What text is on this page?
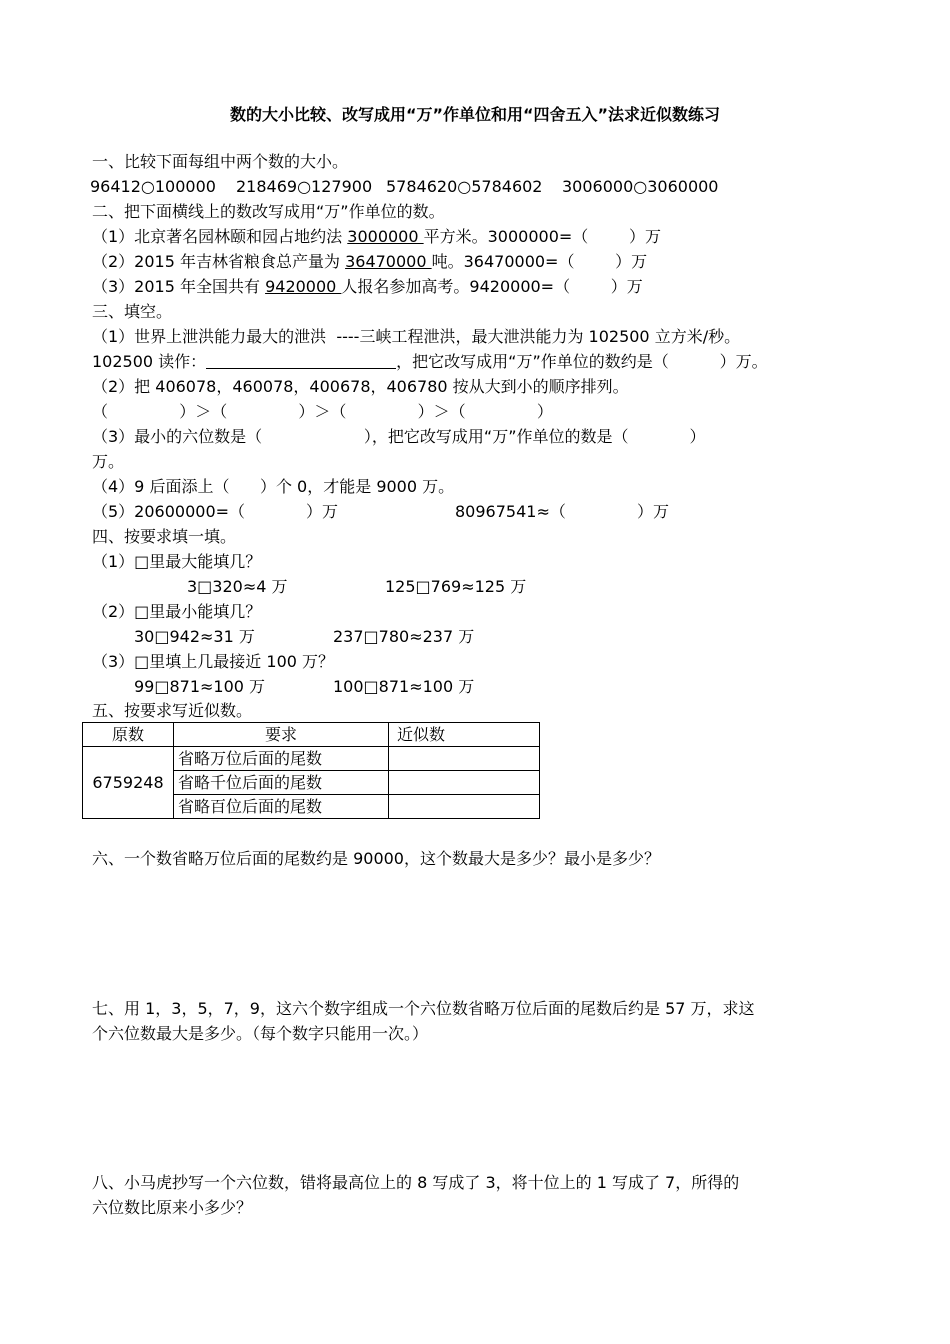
数的大小比较、改写成用“万”作单位和用“四舍五入”法求近似数练习
一、比较下面每组中两个数的大小。
96412○100000 218469○127900 5784620○5784602 3006000○3060000
二、把下面横线上的数改写成用“万”作单位的数。
（1）北京著名园林颐和园占地约法 3000000 平方米。3000000=（        ）万
（2）2015 年吉林省粮食总产量为 36470000 吨。36470000=（        ）万
（3）2015 年全国共有 9420000 人报名参加高考。9420000=（        ）万
三、填空。
（1）世界上泄洪能力最大的泄洪  ----三峡工程泄洪，最大泄洪能力为 102500 立方米/秒。
102500 读作：	，把它改写成用“万”作单位的数约是（          ）万。
（2）把 406078，460078，400678，406780 按从大到小的顺序排列。
（              ）＞（              ）＞（              ）＞（              ）
（3）最小的六位数是（                    ），把它改写成用“万”作单位的数是（            ）
万。
（4）9 后面添上（      ）个 0，才能是 9000 万。
（5）20600000=（            ）万	80967541≈（              ）万
四、按要求填一填。
（1）□里最大能填几？
3□320≈4 万	125□769≈125 万
（2）□里最小能填几？
30□942≈31 万	237□780≈237 万
（3）□里填上几最接近 100 万？
99□871≈100 万	100□871≈100 万
五、按要求写近似数。
原数	要求	近似数
6759248	省略万位后面的尾数	
	省略千位后面的尾数	
	省略百位后面的尾数	
六、一个数省略万位后面的尾数约是 90000，这个数最大是多少？最小是多少？
七、用 1，3，5，7，9，这六个数字组成一个六位数省略万位后面的尾数后约是 57 万，求这
个六位数最大是多少。（每个数字只能用一次。）
八、小马虎抄写一个六位数，错将最高位上的 8 写成了 3，将十位上的 1 写成了 7，所得的
六位数比原来小多少？
